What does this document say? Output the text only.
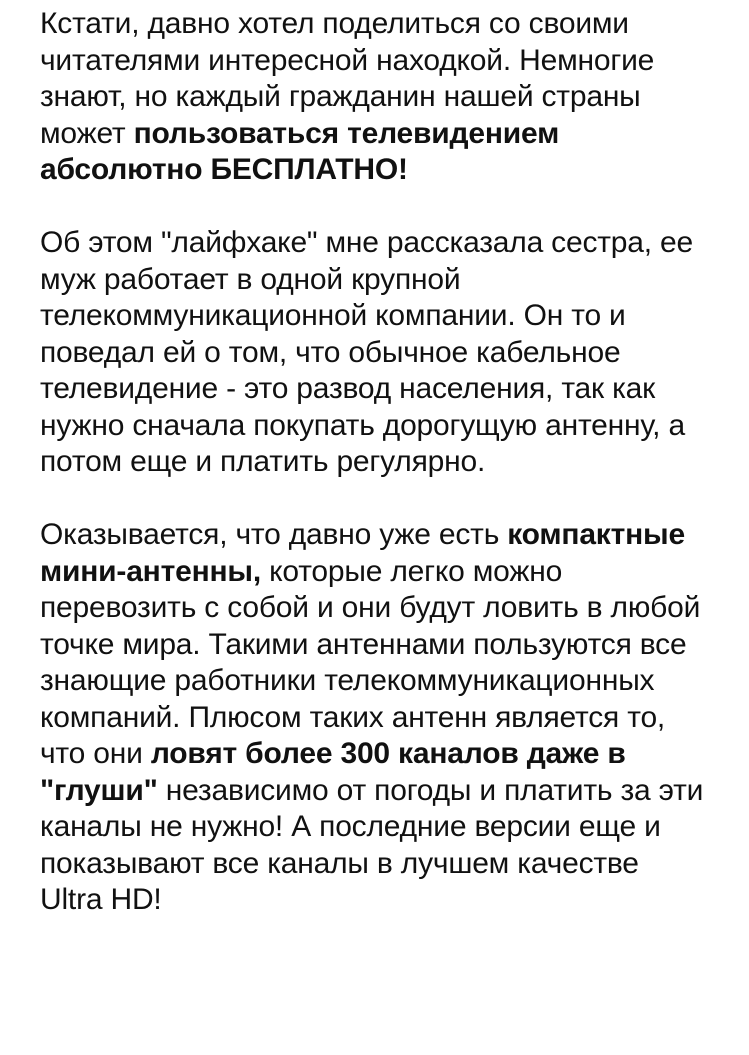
Кстати, давно хотел поделиться со своими читателями интересной находкой. Немногие знают, но каждый гражданин нашей страны может пользоваться телевидением абсолютно БЕСПЛАТНО!

Об этом "лайфхаке" мне рассказала сестра, ее муж работает в одной крупной телекоммуникационной компании. Он то и поведал ей о том, что обычное кабельное телевидение - это развод населения, так как нужно сначала покупать дорогущую антенну, а потом еще и платить регулярно.

Оказывается, что давно уже есть компактные мини-антенны, которые легко можно перевозить с собой и они будут ловить в любой точке мира. Такими антеннами пользуются все знающие работники телекоммуникационных компаний. Плюсом таких антенн является то, что они ловят более 300 каналов даже в "глуши" независимо от погоды и платить за эти каналы не нужно! А последние версии еще и показывают все каналы в лучшем качестве Ultra HD!
